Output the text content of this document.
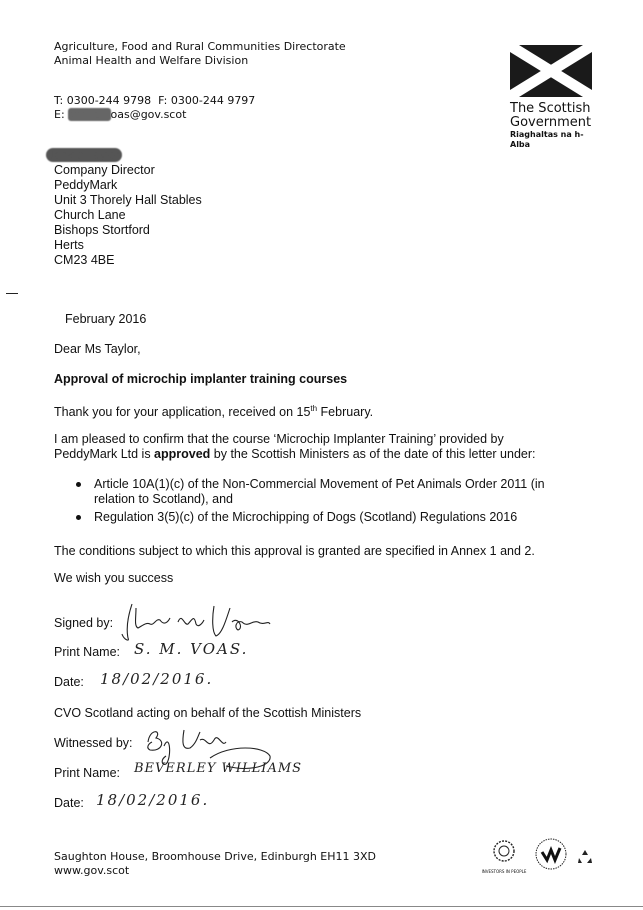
Agriculture, Food and Rural Communities Directorate
Animal Health and Welfare Division
T: 0300-244 9798 F: 0300-244 9797
E: sheila.voas@gov.scot	The Scottish
Government
Riaghaltas na h-Alba
Jackie Taylor
Company Director
PeddyMark
Unit 3 Thorely Hall Stables
Church Lane
Bishops Stortford
Herts
CM23 4BE
February 2016
Dear Ms Taylor,
Approval of microchip implanter training courses
Thank you for your application, received on 15th February.
I am pleased to confirm that the course ‘Microchip Implanter Training’ provided by
PeddyMark Ltd is approved by the Scottish Ministers as of the date of this letter under:
Article 10A(1)(c) of the Non-Commercial Movement of Pet Animals Order 2011 (in
relation to Scotland), and
Regulation 3(5)(c) of the Microchipping of Dogs (Scotland) Regulations 2016
The conditions subject to which this approval is granted are specified in Annex 1 and 2.
We wish you success
Signed by:
Print Name: S. M. VOAS.
Date: 18/02/2016.
CVO Scotland acting on behalf of the Scottish Ministers
Witnessed by:
Print Name: BEVERLEY WILLIAMS
Date: 18/02/2016.
Saughton House, Broomhouse Drive, Edinburgh EH11 3XD
www.gov.scot	INVESTORS IN PEOPLE
